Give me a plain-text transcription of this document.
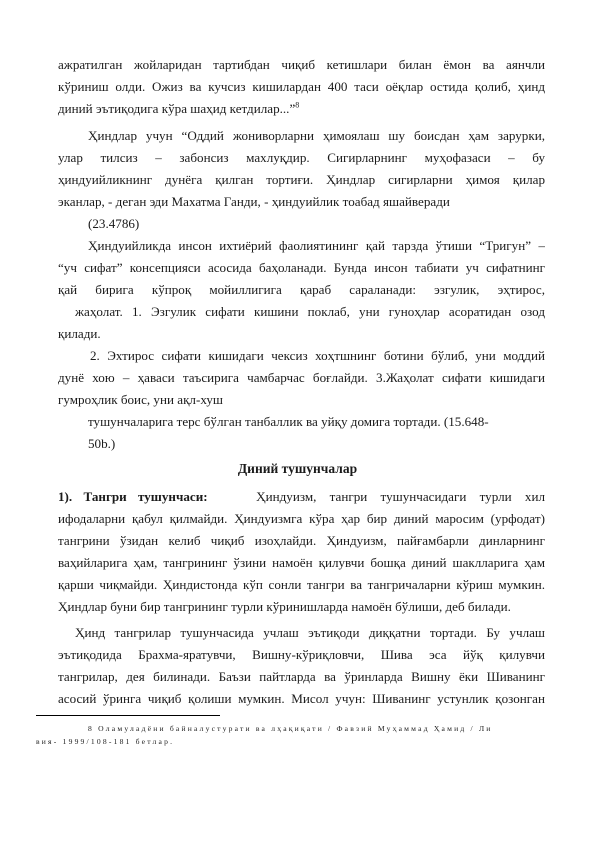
ажратилган жойларидан тартибдан чиқиб кетишлари билан ёмон ва аянчли
кўриниш олди. Ожиз ва кучсиз кишилардан 400 таси оёқлар остида қолиб, ҳинд
диний эътиқодига кўра шаҳид кетдилар...”$^8$
Ҳиндлар учун “Оддий жониворларни ҳимоялаш шу боисдан ҳам зарурки,
улар тилсиз – забонсиз махлуқдир. Сигирларнинг муҳофазаси – бу
ҳиндуийликнинг дунёга қилган тортиғи. Ҳиндлар сигирларни ҳимоя қилар
эканлар, - деган эди Махатма Ганди, - ҳиндуийлик тоабад яшайверади
(23.4786)
Ҳиндуийликда инсон ихтиёрий фаолиятининг қай тарзда ўтиши “Тригун” –
“уч сифат” консепцияси асосида баҳоланади. Бунда инсон табиати уч сифатнинг
қай бирига кўпроқ мойиллигига қараб сараланади: эзгулик, эҳтирос,
жаҳолат. 1. Эзгулик сифати кишини поклаб, уни гуноҳлар асоратидан озод
қилади.
2. Эхтирос сифати кишидаги чексиз хоҳтшнинг ботини бўлиб, уни моддий
дунё хою – ҳаваси таъсирига чамбарчас боғлайди. 3.Жаҳолат сифати кишидаги
гумроҳлик боис, уни ақл-хуш
тушунчаларига терс бўлган танбаллик ва уйқу домига тортади. (15.648-
50b.)
Диний тушунчалар
1). Тангри тушунчаси:	Ҳиндуизм, тангри тушунчасидаги турли хил
ифодаларни қабул қилмайди. Ҳиндуизмга кўра ҳар бир диний маросим (урфодат)
тангрини ўзидан келиб чиқиб изоҳлайди. Ҳиндуизм, пайғамбарли динларнинг
ваҳийларига ҳам, тангрининг ўзини намоён қилувчи бошқа диний шаклларига ҳам
қарши чиқмайди. Ҳиндистонда кўп сонли тангри ва тангричаларни кўриш мумкин.
Ҳиндлар буни бир тангрининг турли кўринишларда намоён бўлиши, деб билади.
Ҳинд тангрилар тушунчасида учлаш эътиқоди диққатни тортади. Бу учлаш
эътиқодида Брахма-яратувчи, Вишну-кўриқловчи, Шива эса йўқ қилувчи
тангрилар, дея билинади. Баъзи пайтларда ва ўринларда Вишну ёки Шиванинг
асосий ўринга чиқиб қолиши мумкин. Мисол учун: Шиванинг устунлик қозонган
8 Оламуладёни байналустурати ва лҳақиқати / Фавзий Муҳаммад Ҳамид / Ли
вия- 1999/108-181 бетлар.
